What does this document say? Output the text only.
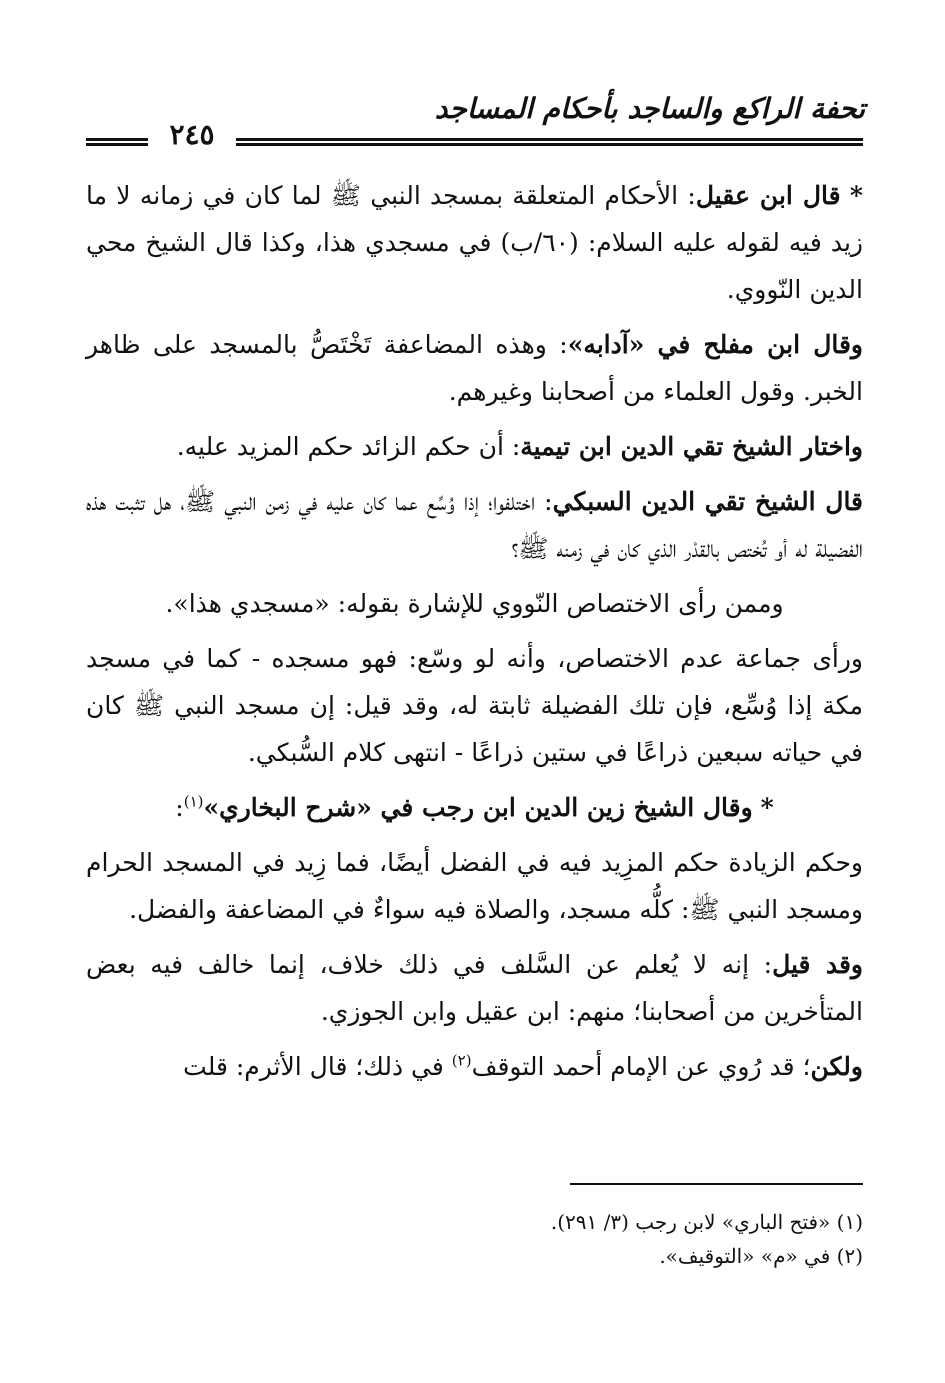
تحفة الراكع والساجد بأحكام المساجد
٢٤٥

* قال ابن عقيل: الأحكام المتعلقة بمسجد النبي ﷺ لما كان في زمانه لا ما زيد فيه لقوله عليه السلام: (٦٠/ب) في مسجدي هذا، وكذا قال الشيخ محي الدين النّووي.

وقال ابن مفلح في «آدابه»: وهذه المضاعفة تَخْتَصُّ بالمسجد على ظاهر الخبر. وقول العلماء من أصحابنا وغيرهم.

واختار الشيخ تقي الدين ابن تيمية: أن حكم الزائد حكم المزيد عليه.

قال الشيخ تقي الدين السبكي: اختلفوا؛ إذا وُسِّع عما كان عليه في زمن النبي ﷺ، هل تثبت هذه الفضيلة له أو تُختص بالقدْر الذي كان في زمنه ﷺ؟

وممن رأى الاختصاص النّووي للإشارة بقوله: «مسجدي هذا».

ورأى جماعة عدم الاختصاص، وأنه لو وسّع: فهو مسجده - كما في مسجد مكة إذا وُسِّع، فإن تلك الفضيلة ثابتة له، وقد قيل: إن مسجد النبي ﷺ كان في حياته سبعين ذراعًا في ستين ذراعًا - انتهى كلام السُّبكي.

* وقال الشيخ زين الدين ابن رجب في «شرح البخاري»$^{(١)}$:

وحكم الزيادة حكم المزِيد فيه في الفضل أيضًا، فما زِيد في المسجد الحرام ومسجد النبي ﷺ: كلُّه مسجد، والصلاة فيه سواءٌ في المضاعفة والفضل.

وقد قيل: إنه لا يُعلم عن السَّلف في ذلك خلاف، إنما خالف فيه بعض المتأخرين من أصحابنا؛ منهم: ابن عقيل وابن الجوزي.

ولكن؛ قد رُوي عن الإمام أحمد التوقف$^{(٢)}$ في ذلك؛ قال الأثرم: قلت

(١) «فتح الباري» لابن رجب (٣/ ٢٩١).

(٢) في «م» «التوقيف».
